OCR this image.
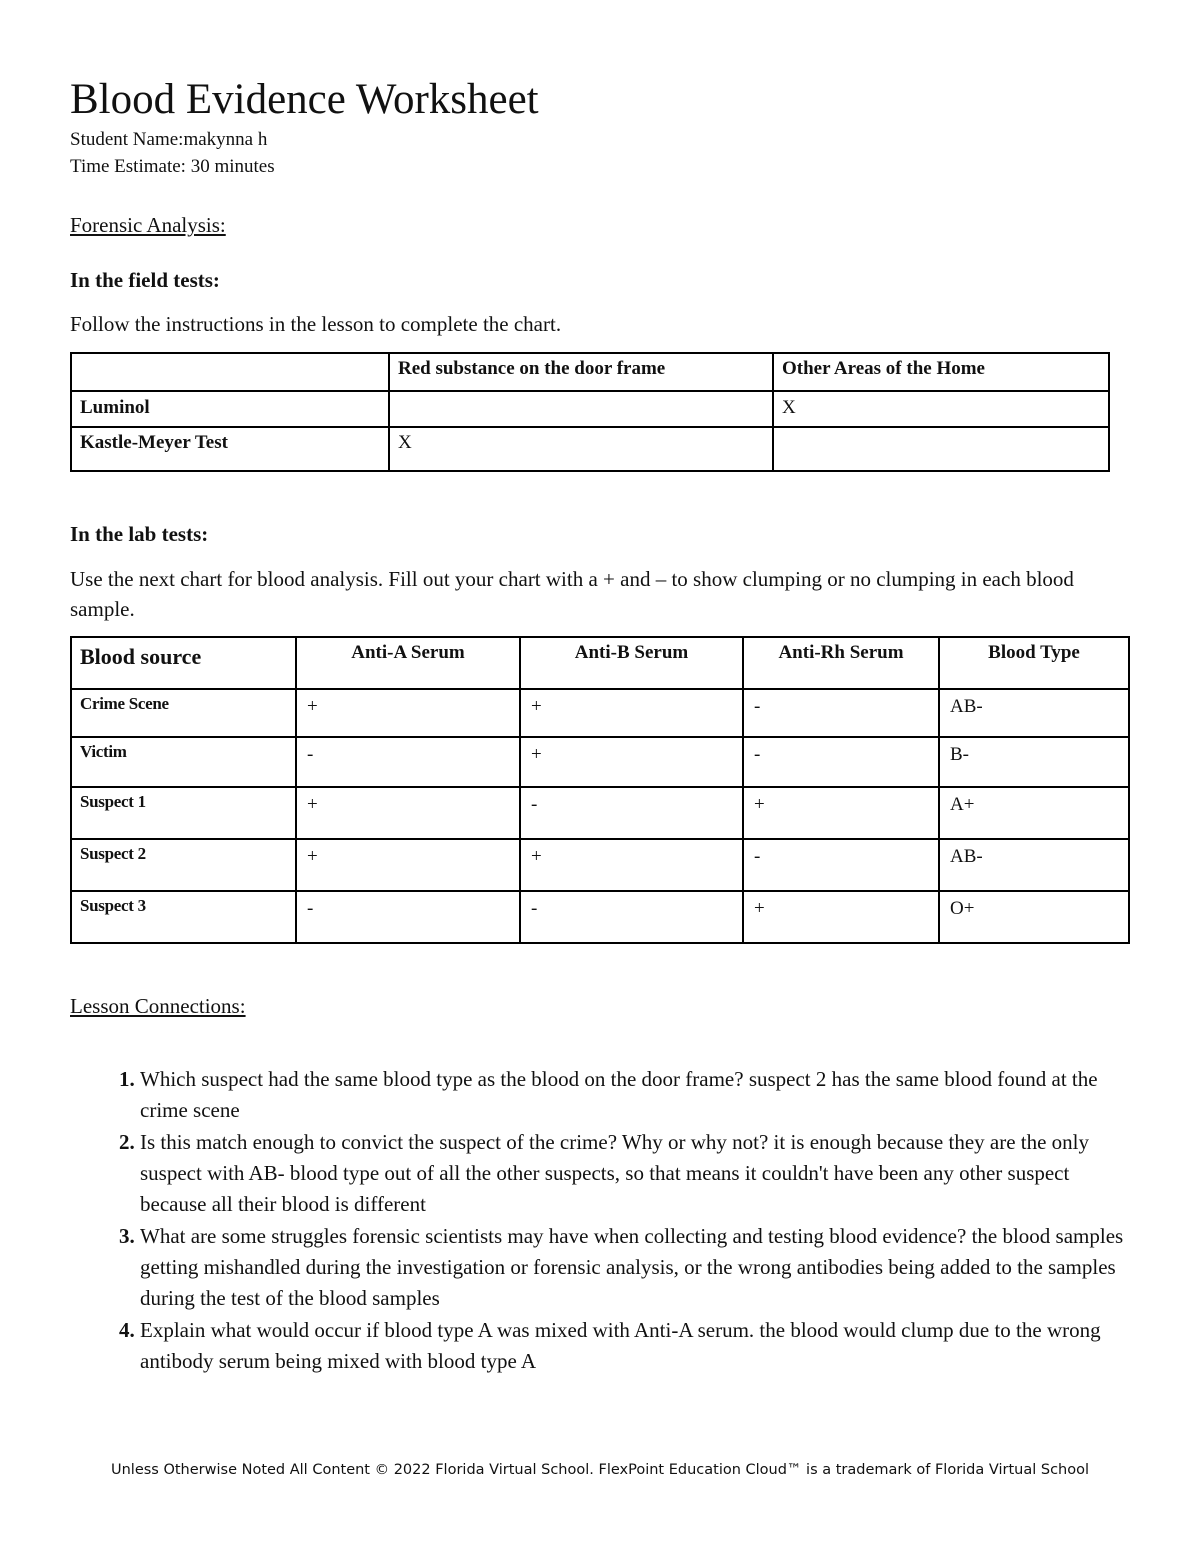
Blood Evidence Worksheet
Student Name:makynna h
Time Estimate: 30 minutes
Forensic Analysis:
In the field tests:
Follow the instructions in the lesson to complete the chart.
	Red substance on the door frame	Other Areas of the Home
Luminol		X
Kastle-Meyer Test	X	
In the lab tests:
Use the next chart for blood analysis. Fill out your chart with a + and – to show clumping or no clumping in each blood sample.
Blood source	Anti-A Serum	Anti-B Serum	Anti-Rh Serum	Blood Type
Crime Scene	+	+	-	AB-
Victim	-	+	-	B-
Suspect 1	+	-	+	A+
Suspect 2	+	+	-	AB-
Suspect 3	-	-	+	O+
Lesson Connections:
1. Which suspect had the same blood type as the blood on the door frame? suspect 2 has the same blood found at the crime scene
2. Is this match enough to convict the suspect of the crime? Why or why not? it is enough because they are the only suspect with AB- blood type out of all the other suspects, so that means it couldn't have been any other suspect because all their blood is different
3. What are some struggles forensic scientists may have when collecting and testing blood evidence? the blood samples getting mishandled during the investigation or forensic analysis, or the wrong antibodies being added to the samples during the test of the blood samples
4. Explain what would occur if blood type A was mixed with Anti-A serum. the blood would clump due to the wrong antibody serum being mixed with blood type A
Unless Otherwise Noted All Content © 2022 Florida Virtual School. FlexPoint Education Cloud™ is a trademark of Florida Virtual School
